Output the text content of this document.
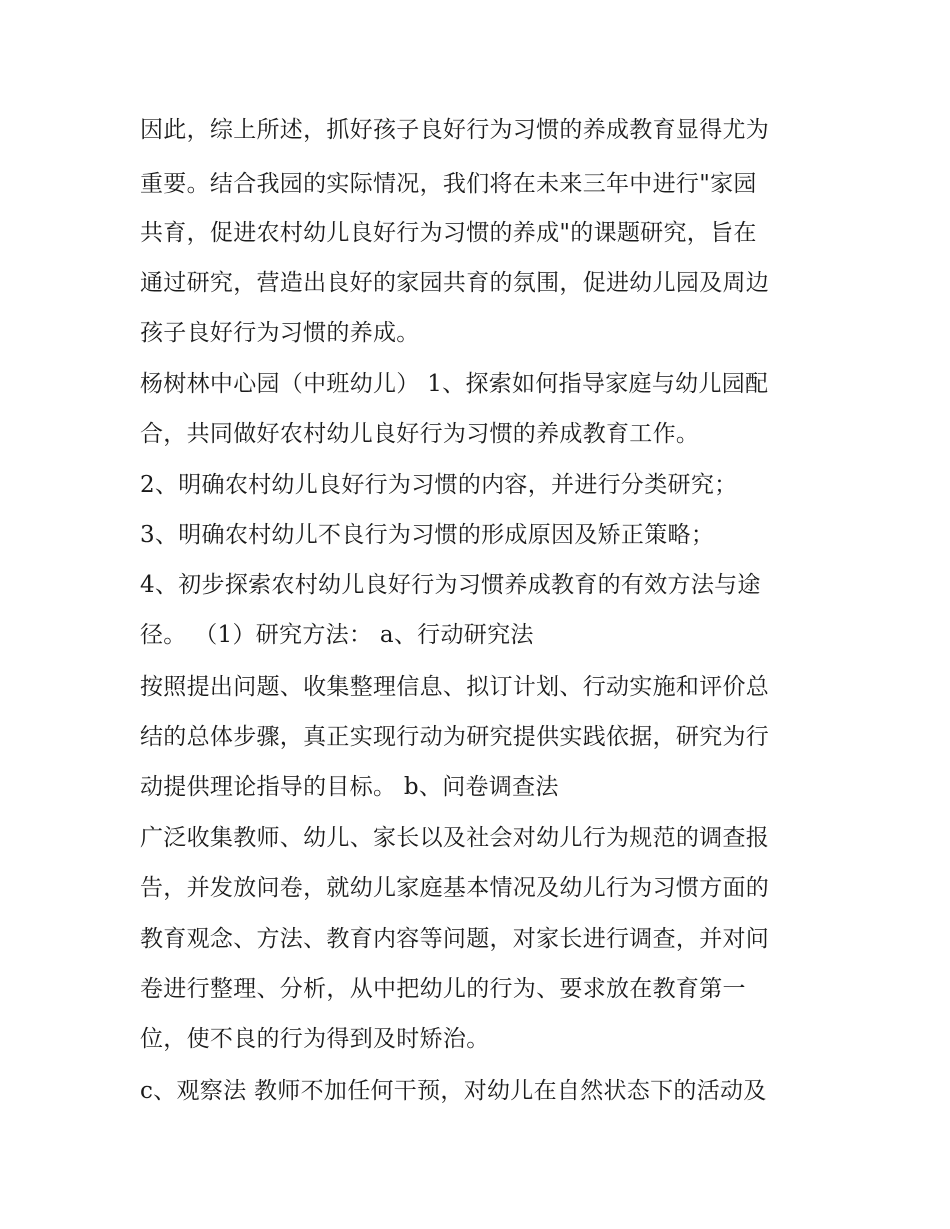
因此，综上所述，抓好孩子良好行为习惯的养成教育显得尤为
重要。结合我园的实际情况，我们将在未来三年中进行"家园
共育，促进农村幼儿良好行为习惯的养成"的课题研究，旨在
通过研究，营造出良好的家园共育的氛围，促进幼儿园及周边
孩子良好行为习惯的养成。
杨树林中心园（中班幼儿） 1、探索如何指导家庭与幼儿园配
合，共同做好农村幼儿良好行为习惯的养成教育工作。
2、明确农村幼儿良好行为习惯的内容，并进行分类研究；
3、明确农村幼儿不良行为习惯的形成原因及矫正策略；
4、初步探索农村幼儿良好行为习惯养成教育的有效方法与途
径。 （1）研究方法： a、行动研究法
按照提出问题、收集整理信息、拟订计划、行动实施和评价总
结的总体步骤，真正实现行动为研究提供实践依据，研究为行
动提供理论指导的目标。 b、问卷调查法
广泛收集教师、幼儿、家长以及社会对幼儿行为规范的调查报
告，并发放问卷，就幼儿家庭基本情况及幼儿行为习惯方面的
教育观念、方法、教育内容等问题，对家长进行调查，并对问
卷进行整理、分析，从中把幼儿的行为、要求放在教育第一
位，使不良的行为得到及时矫治。
c、观察法 教师不加任何干预，对幼儿在自然状态下的活动及
